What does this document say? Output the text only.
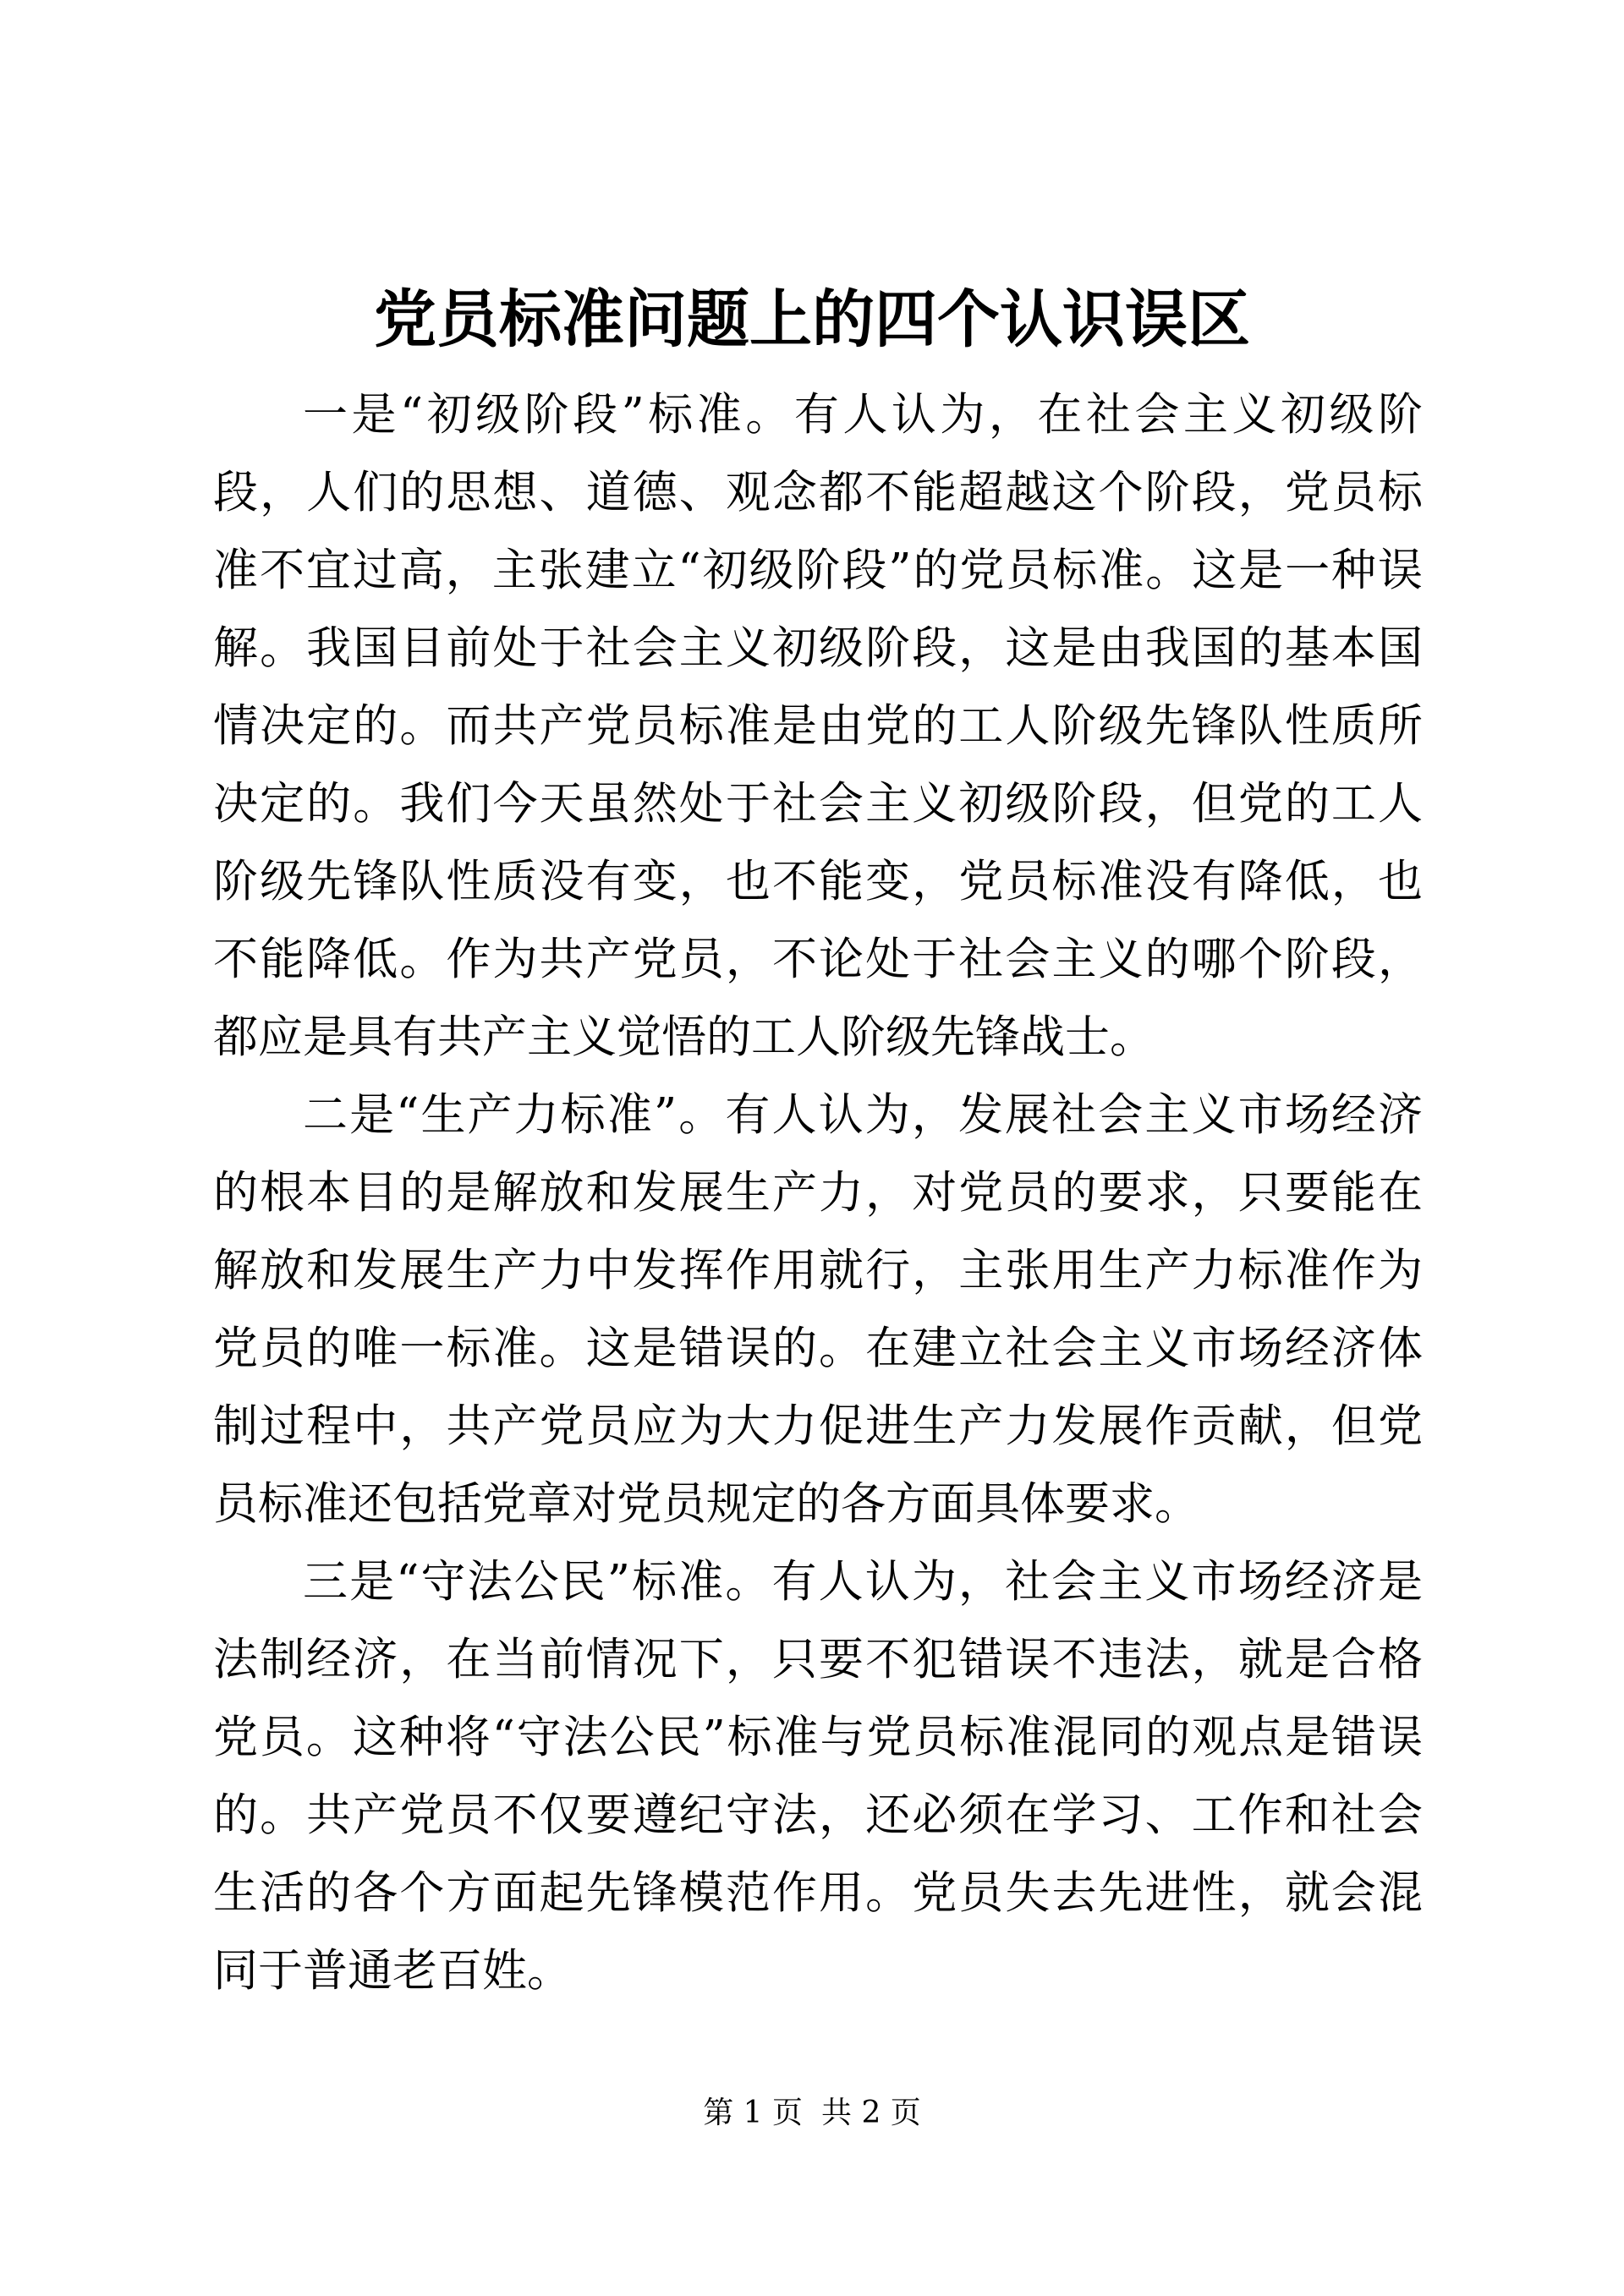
党员标准问题上的四个认识误区

一是“初级阶段”标准。有人认为，在社会主义初级阶段，人们的思想、道德、观念都不能超越这个阶段，党员标准不宜过高，主张建立“初级阶段”的党员标准。这是一种误解。我国目前处于社会主义初级阶段，这是由我国的基本国情决定的。而共产党员标准是由党的工人阶级先锋队性质所决定的。我们今天虽然处于社会主义初级阶段，但党的工人阶级先锋队性质没有变，也不能变，党员标准没有降低，也不能降低。作为共产党员，不论处于社会主义的哪个阶段，都应是具有共产主义觉悟的工人阶级先锋战士。

二是“生产力标准”。有人认为，发展社会主义市场经济的根本目的是解放和发展生产力，对党员的要求，只要能在解放和发展生产力中发挥作用就行，主张用生产力标准作为党员的唯一标准。这是错误的。在建立社会主义市场经济体制过程中，共产党员应为大力促进生产力发展作贡献，但党员标准还包括党章对党员规定的各方面具体要求。

三是“守法公民”标准。有人认为，社会主义市场经济是法制经济，在当前情况下，只要不犯错误不违法，就是合格党员。这种将“守法公民”标准与党员标准混同的观点是错误的。共产党员不仅要遵纪守法，还必须在学习、工作和社会生活的各个方面起先锋模范作用。党员失去先进性，就会混同于普通老百姓。

第 1 页 共 2 页
